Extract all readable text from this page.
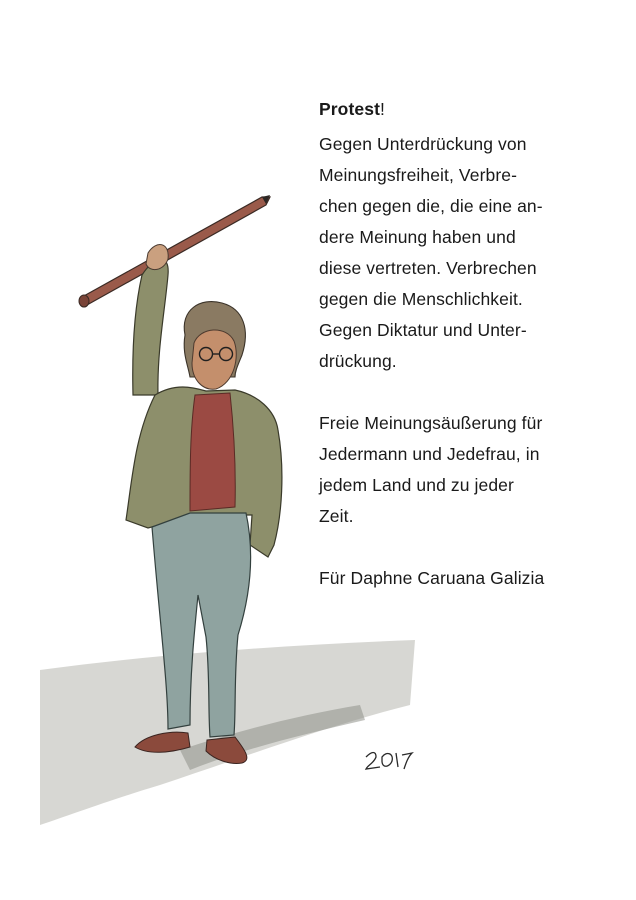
Protest!

Gegen Unterdrückung von
Meinungsfreiheit, Verbre-
chen gegen die, die eine an-
dere Meinung haben und
diese vertreten. Verbrechen
gegen die Menschlichkeit.
Gegen Diktatur und Unter-
drückung.

Freie Meinungsäußerung für
Jedermann und Jedefrau, in
jedem Land und zu jeder
Zeit.

Für Daphne Caruana Galizia
